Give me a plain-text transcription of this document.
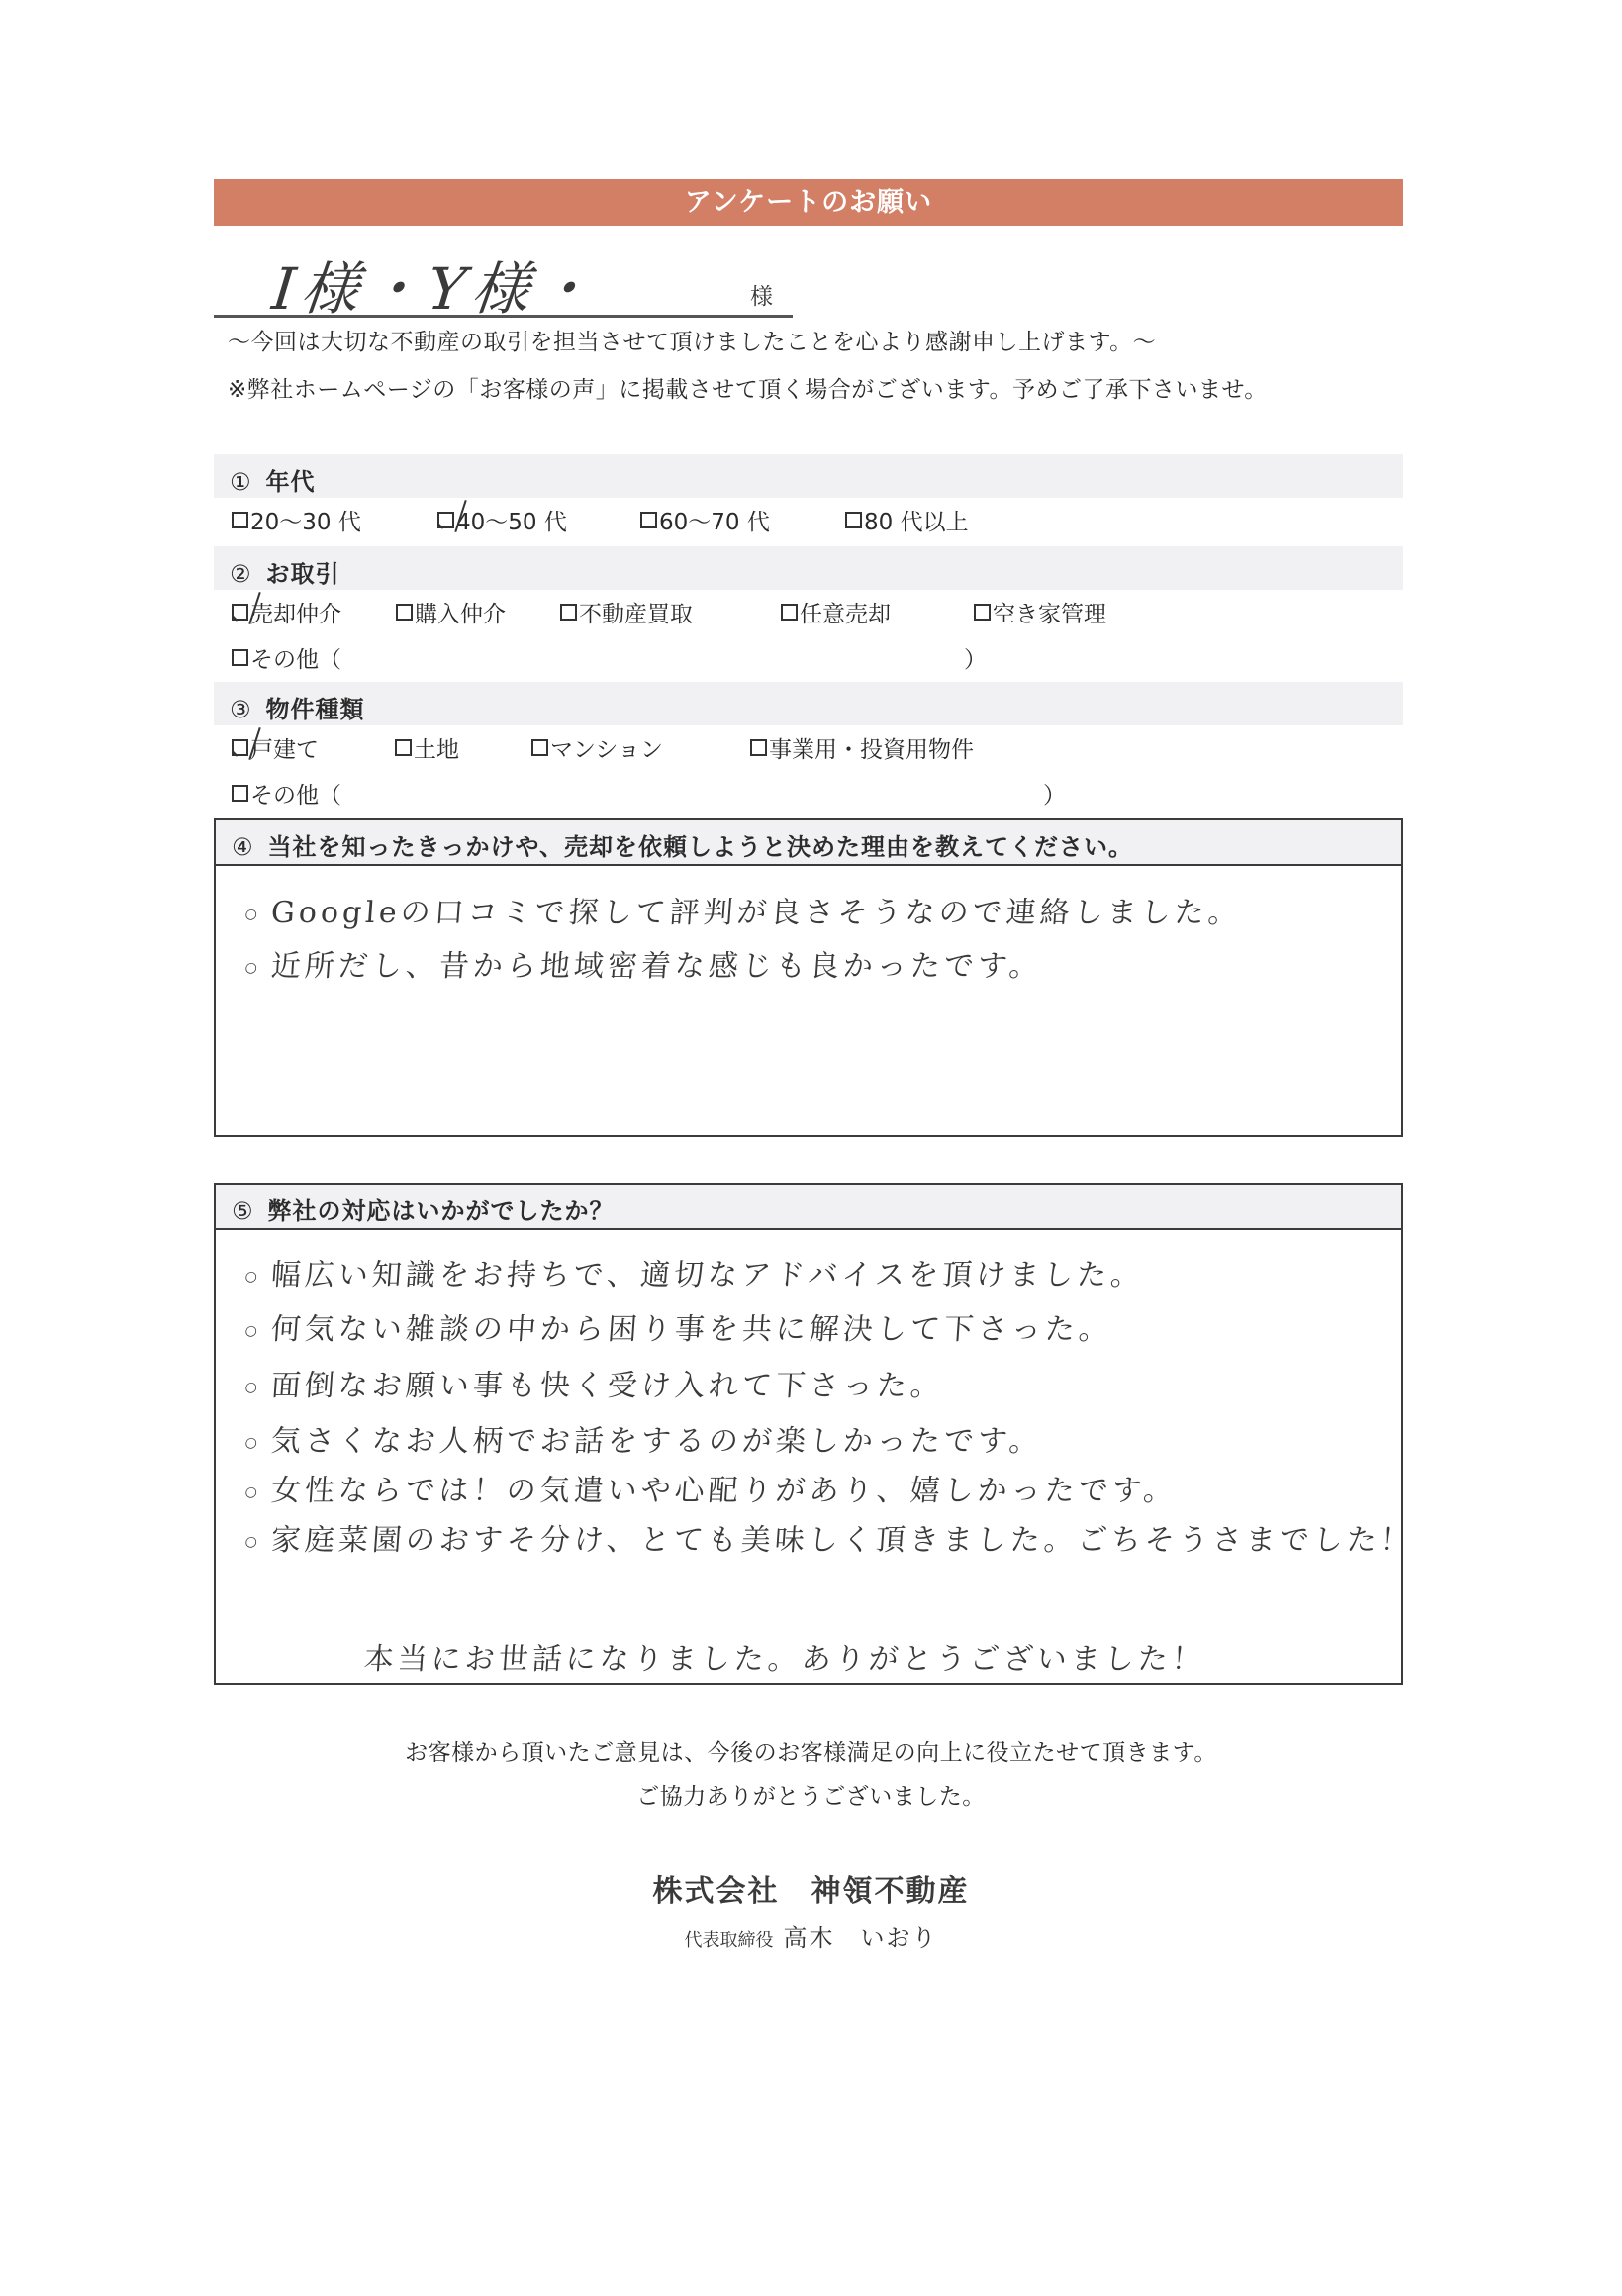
アンケートのお願い
I様・Y様・	様
～今回は大切な不動産の取引を担当させて頂けましたことを心より感謝申し上げます。～
※弊社ホームページの「お客様の声」に掲載させて頂く場合がございます。予めご了承下さいませ。
① 年代
20～30 代	40～50 代	60～70 代	80 代以上
② お取引
売却仲介	購入仲介	不動産買取	任意売却	空き家管理
その他（	）
③ 物件種類
戸建て	土地	マンション	事業用・投資用物件
その他（	）
④ 当社を知ったきっかけや、売却を依頼しようと決めた理由を教えてください。
○ Googleの口コミで探して評判が良さそうなので連絡しました。
○ 近所だし、昔から地域密着な感じも良かったです。
⑤ 弊社の対応はいかがでしたか？
○ 幅広い知識をお持ちで、適切なアドバイスを頂けました。
○ 何気ない雑談の中から困り事を共に解決して下さった。
○ 面倒なお願い事も快く受け入れて下さった。
○ 気さくなお人柄でお話をするのが楽しかったです。
○ 女性ならでは！の気遣いや心配りがあり、嬉しかったです。
○ 家庭菜園のおすそ分け、とても美味しく頂きました。ごちそうさまでした！
本当にお世話になりました。ありがとうございました！
お客様から頂いたご意見は、今後のお客様満足の向上に役立たせて頂きます。
ご協力ありがとうございました。
株式会社　神領不動産
代表取締役 高木　いおり
